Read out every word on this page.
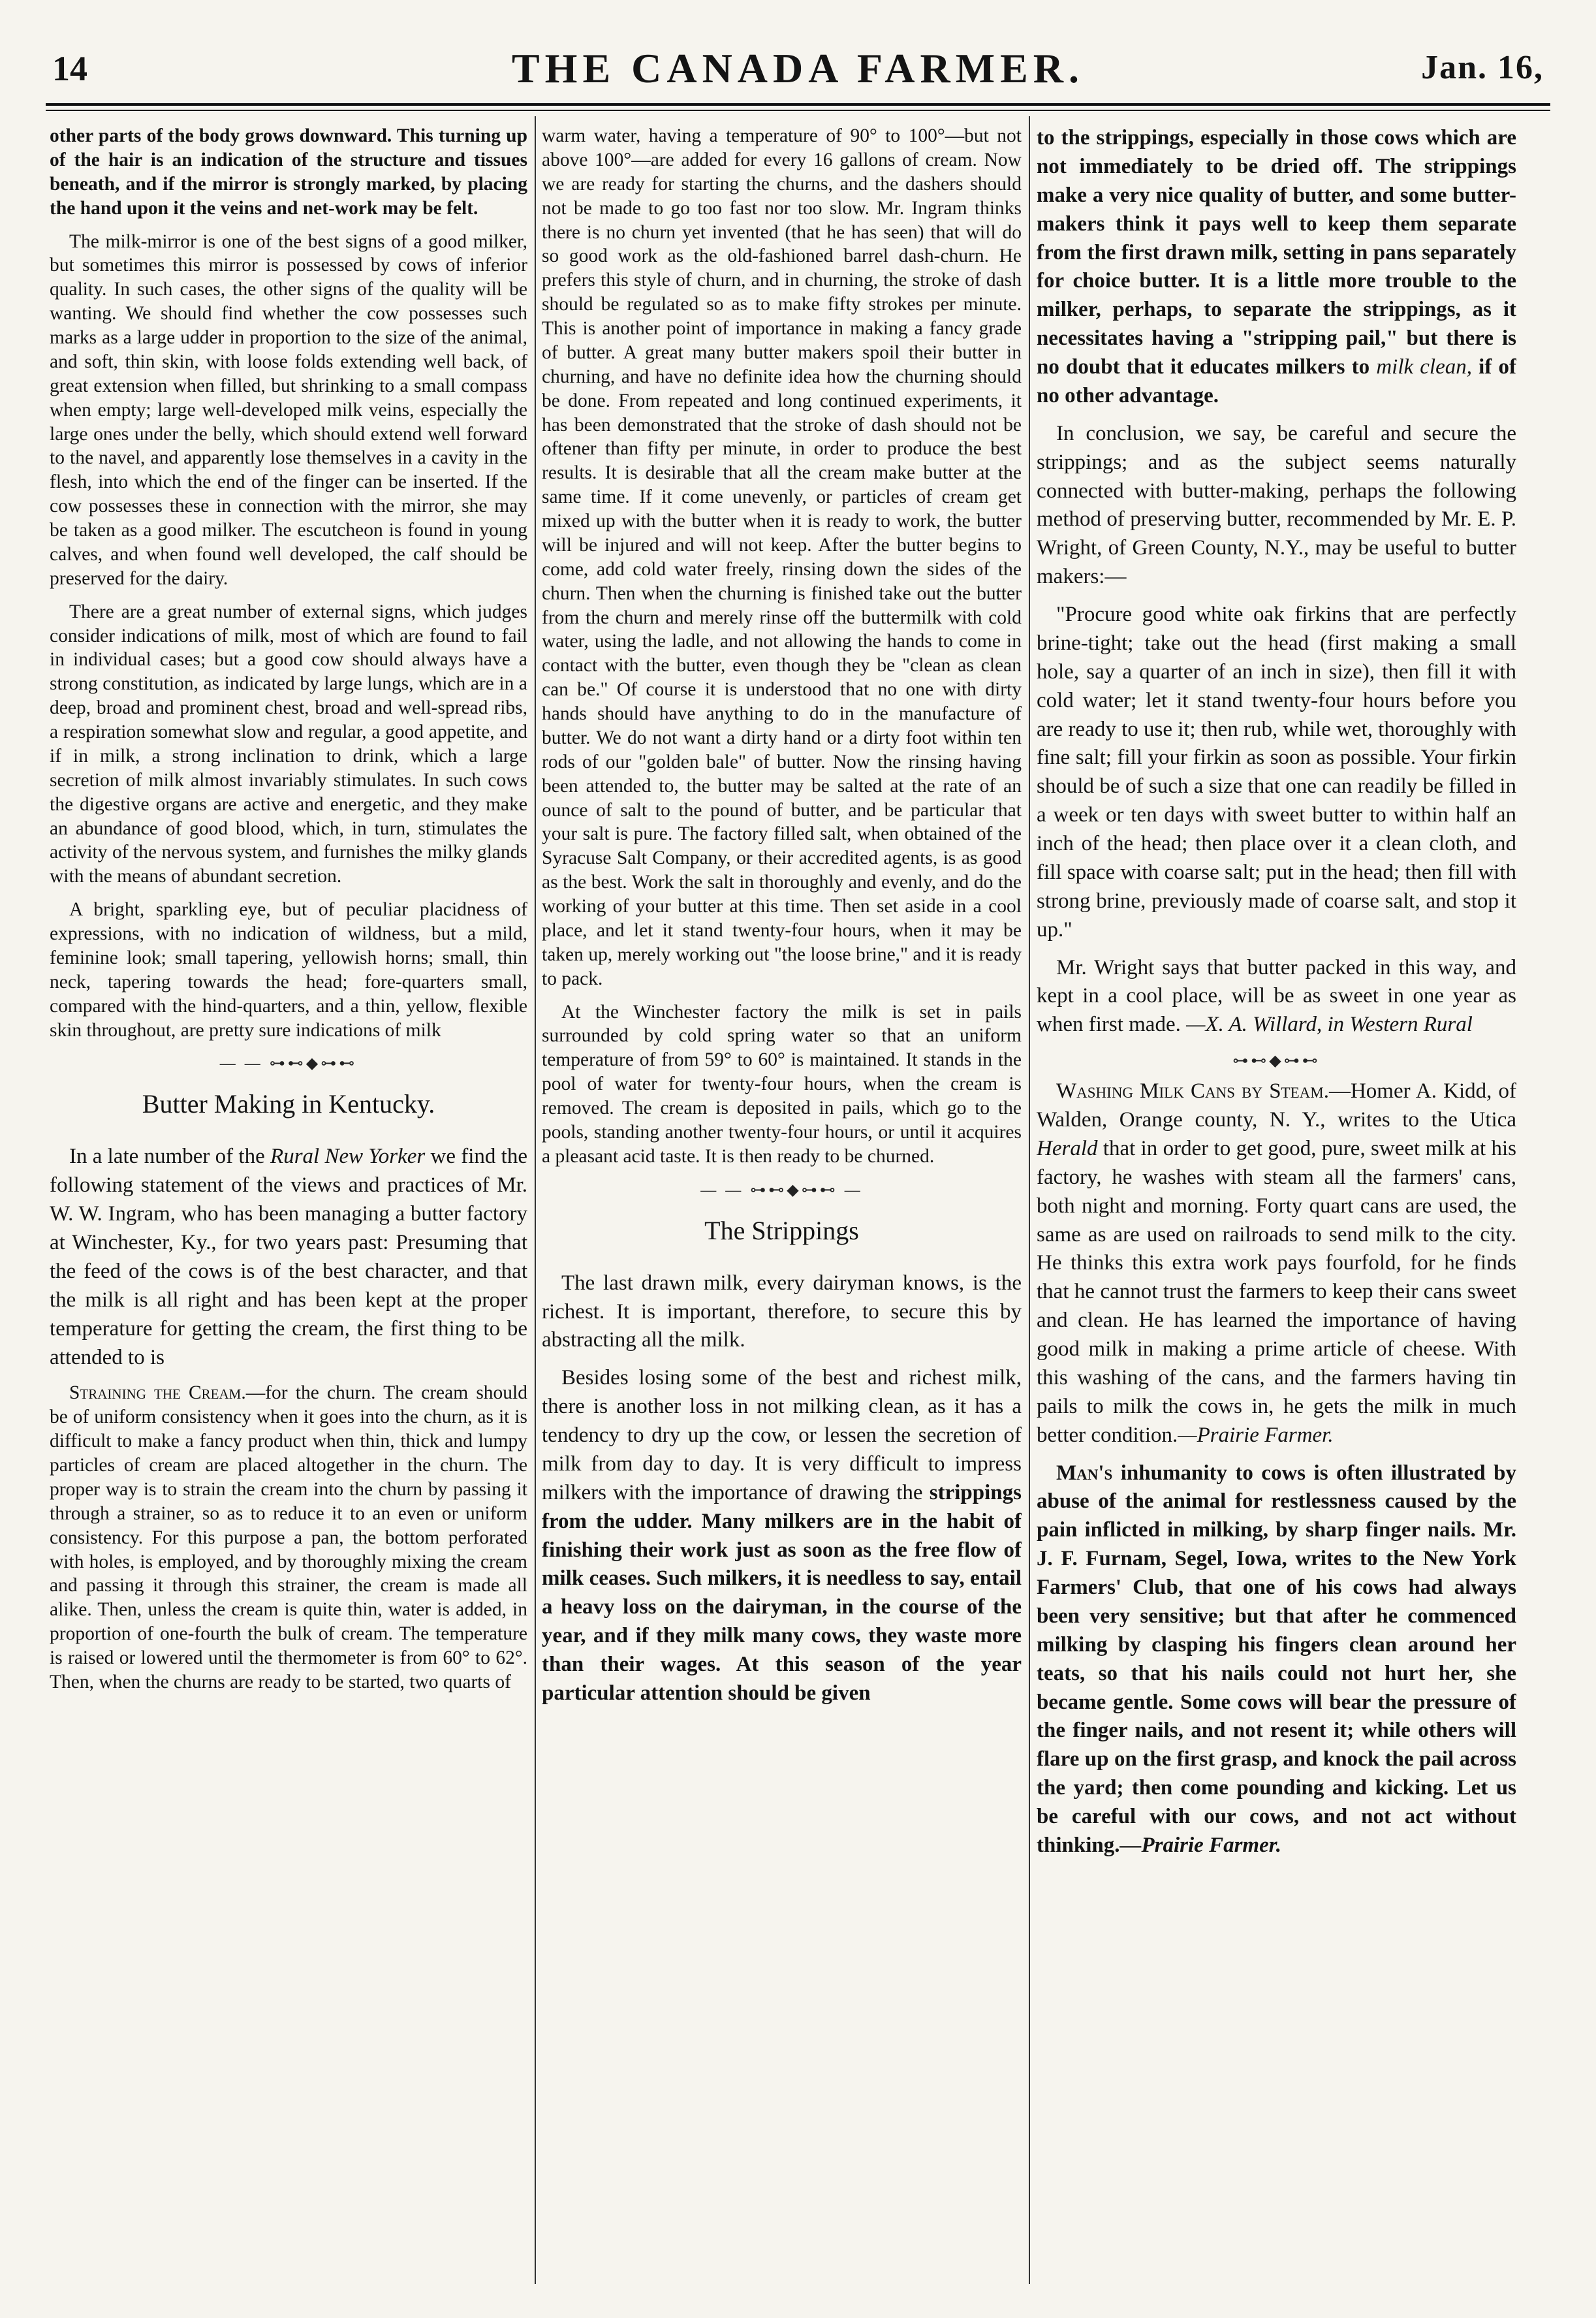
14	THE CANADA FARMER.	Jan. 16,

other parts of the body grows downward. This turning up of the hair is an indication of the structure and tissues beneath, and if the mirror is strongly marked, by placing the hand upon it the veins and net-work may be felt.

The milk-mirror is one of the best signs of a good milker, but sometimes this mirror is possessed by cows of inferior quality. In such cases, the other signs of the quality will be wanting. We should find whether the cow possesses such marks as a large udder in proportion to the size of the animal, and soft, thin skin, with loose folds extending well back, of great extension when filled, but shrinking to a small compass when empty; large well-developed milk veins, especially the large ones under the belly, which should extend well forward to the navel, and apparently lose themselves in a cavity in the flesh, into which the end of the finger can be inserted. If the cow possesses these in connection with the mirror, she may be taken as a good milker. The escutcheon is found in young calves, and when found well developed, the calf should be preserved for the dairy.

There are a great number of external signs, which judges consider indications of milk, most of which are found to fail in individual cases; but a good cow should always have a strong constitution, as indicated by large lungs, which are in a deep, broad and prominent chest, broad and well-spread ribs, a respiration somewhat slow and regular, a good appetite, and if in milk, a strong inclination to drink, which a large secretion of milk almost invariably stimulates. In such cows the digestive organs are active and energetic, and they make an abundance of good blood, which, in turn, stimulates the activity of the nervous system, and furnishes the milky glands with the means of abundant secretion.

A bright, sparkling eye, but of peculiar placidness of expressions, with no indication of wildness, but a mild, feminine look; small tapering, yellowish horns; small, thin neck, tapering towards the head; fore-quarters small, compared with the hind-quarters, and a thin, yellow, flexible skin throughout, are pretty sure indications of milk

— — ⊶⊷◆⊶⊷
Butter Making in Kentucky.

In a late number of the Rural New Yorker we find the following statement of the views and practices of Mr. W. W. Ingram, who has been managing a butter factory at Winchester, Ky., for two years past: Presuming that the feed of the cows is of the best character, and that the milk is all right and has been kept at the proper temperature for getting the cream, the first thing to be attended to is

Straining the Cream.—for the churn. The cream should be of uniform consistency when it goes into the churn, as it is difficult to make a fancy product when thin, thick and lumpy particles of cream are placed altogether in the churn. The proper way is to strain the cream into the churn by passing it through a strainer, so as to reduce it to an even or uniform consistency. For this purpose a pan, the bottom perforated with holes, is employed, and by thoroughly mixing the cream and passing it through this strainer, the cream is made all alike. Then, unless the cream is quite thin, water is added, in proportion of one-fourth the bulk of cream. The temperature is raised or lowered until the thermometer is from 60° to 62°. Then, when the churns are ready to be started, two quarts of

warm water, having a temperature of 90° to 100°—but not above 100°—are added for every 16 gallons of cream. Now we are ready for starting the churns, and the dashers should not be made to go too fast nor too slow. Mr. Ingram thinks there is no churn yet invented (that he has seen) that will do so good work as the old-fashioned barrel dash-churn. He prefers this style of churn, and in churning, the stroke of dash should be regulated so as to make fifty strokes per minute. This is another point of importance in making a fancy grade of butter. A great many butter makers spoil their butter in churning, and have no definite idea how the churning should be done. From repeated and long continued experiments, it has been demonstrated that the stroke of dash should not be oftener than fifty per minute, in order to produce the best results. It is desirable that all the cream make butter at the same time. If it come unevenly, or particles of cream get mixed up with the butter when it is ready to work, the butter will be injured and will not keep. After the butter begins to come, add cold water freely, rinsing down the sides of the churn. Then when the churning is finished take out the butter from the churn and merely rinse off the buttermilk with cold water, using the ladle, and not allowing the hands to come in contact with the butter, even though they be "clean as clean can be." Of course it is understood that no one with dirty hands should have anything to do in the manufacture of butter. We do not want a dirty hand or a dirty foot within ten rods of our "golden bale" of butter. Now the rinsing having been attended to, the butter may be salted at the rate of an ounce of salt to the pound of butter, and be particular that your salt is pure. The factory filled salt, when obtained of the Syracuse Salt Company, or their accredited agents, is as good as the best. Work the salt in thoroughly and evenly, and do the working of your butter at this time. Then set aside in a cool place, and let it stand twenty-four hours, when it may be taken up, merely working out "the loose brine," and it is ready to pack.

At the Winchester factory the milk is set in pails surrounded by cold spring water so that an uniform temperature of from 59° to 60° is maintained. It stands in the pool of water for twenty-four hours, when the cream is removed. The cream is deposited in pails, which go to the pools, standing another twenty-four hours, or until it acquires a pleasant acid taste. It is then ready to be churned.

— — ⊶⊷◆⊶⊷ —
The Strippings

The last drawn milk, every dairyman knows, is the richest. It is important, therefore, to secure this by abstracting all the milk.

Besides losing some of the best and richest milk, there is another loss in not milking clean, as it has a tendency to dry up the cow, or lessen the secretion of milk from day to day. It is very difficult to impress milkers with the importance of drawing the strippings from the udder. Many milkers are in the habit of finishing their work just as soon as the free flow of milk ceases. Such milkers, it is needless to say, entail a heavy loss on the dairyman, in the course of the year, and if they milk many cows, they waste more than their wages. At this season of the year particular attention should be given

to the strippings, especially in those cows which are not immediately to be dried off. The strippings make a very nice quality of butter, and some butter-makers think it pays well to keep them separate from the first drawn milk, setting in pans separately for choice butter. It is a little more trouble to the milker, perhaps, to separate the strippings, as it necessitates having a "stripping pail," but there is no doubt that it educates milkers to milk clean, if of no other advantage.

In conclusion, we say, be careful and secure the strippings; and as the subject seems naturally connected with butter-making, perhaps the following method of preserving butter, recommended by Mr. E. P. Wright, of Green County, N.Y., may be useful to butter makers:—

"Procure good white oak firkins that are perfectly brine-tight; take out the head (first making a small hole, say a quarter of an inch in size), then fill it with cold water; let it stand twenty-four hours before you are ready to use it; then rub, while wet, thoroughly with fine salt; fill your firkin as soon as possible. Your firkin should be of such a size that one can readily be filled in a week or ten days with sweet butter to within half an inch of the head; then place over it a clean cloth, and fill space with coarse salt; put in the head; then fill with strong brine, previously made of coarse salt, and stop it up."

Mr. Wright says that butter packed in this way, and kept in a cool place, will be as sweet in one year as when first made. —X. A. Willard, in Western Rural

⊶⊷◆⊶⊷

Washing Milk Cans by Steam.—Homer A. Kidd, of Walden, Orange county, N. Y., writes to the Utica Herald that in order to get good, pure, sweet milk at his factory, he washes with steam all the farmers' cans, both night and morning. Forty quart cans are used, the same as are used on railroads to send milk to the city. He thinks this extra work pays fourfold, for he finds that he cannot trust the farmers to keep their cans sweet and clean. He has learned the importance of having good milk in making a prime article of cheese. With this washing of the cans, and the farmers having tin pails to milk the cows in, he gets the milk in much better condition.—Prairie Farmer.

Man's inhumanity to cows is often illustrated by abuse of the animal for restlessness caused by the pain inflicted in milking, by sharp finger nails. Mr. J. F. Furnam, Segel, Iowa, writes to the New York Farmers' Club, that one of his cows had always been very sensitive; but that after he commenced milking by clasping his fingers clean around her teats, so that his nails could not hurt her, she became gentle. Some cows will bear the pressure of the finger nails, and not resent it; while others will flare up on the first grasp, and knock the pail across the yard; then come pounding and kicking. Let us be careful with our cows, and not act without thinking.—Prairie Farmer.
